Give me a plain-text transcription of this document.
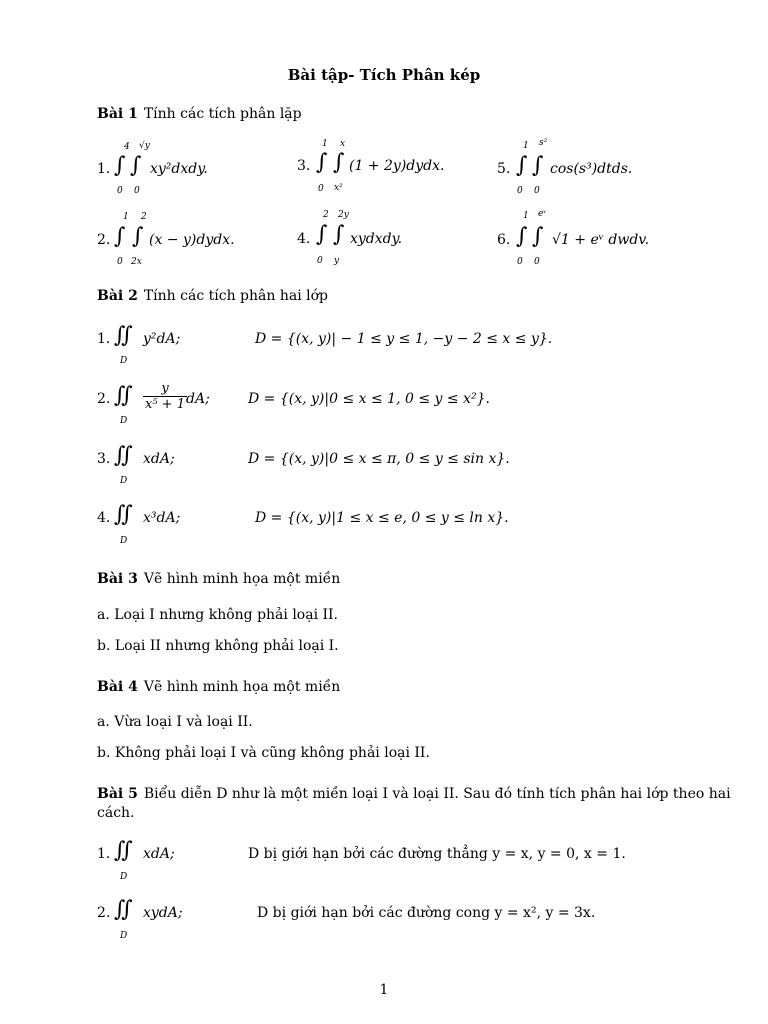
Bài tập- Tích Phân kép
Bài 1 Tính các tích phân lặp
1.
4 √y
∫ ∫
0 0
xy²dxdy.	3.
1 x
∫ ∫
0 x²
(1 + 2y)dydx.	5.
1 s²
∫ ∫
0 0
cos(s³)dtds.
2.
1 2
∫ ∫
0 2x
(x − y)dydx.	4.
2 2y
∫ ∫
0 y
xydxdy.	6.
1 eᵛ
∫ ∫
0 0
√1 + eᵛ dwdv.
Bài 2 Tính các tích phân hai lớp
1. ∬
D
y²dA;	D = {(x, y)| − 1 ≤ y ≤ 1, −y − 2 ≤ x ≤ y}.
2. ∬
D
$\frac{y}{\text{x⁵ + 1}}$ dA;	D = {(x, y)|0 ≤ x ≤ 1, 0 ≤ y ≤ x²}.
3. ∬
D
xdA;	D = {(x, y)|0 ≤ x ≤ π, 0 ≤ y ≤ sin x}.
4. ∬
D
x³dA;	D = {(x, y)|1 ≤ x ≤ e, 0 ≤ y ≤ ln x}.
Bài 3 Vẽ hình minh họa một miền
a. Loại I nhưng không phải loại II.
b. Loại II nhưng không phải loại I.
Bài 4 Vẽ hình minh họa một miền
a. Vừa loại I và loại II.
b. Không phải loại I và cũng không phải loại II.
Bài 5 Biểu diễn D như là một miền loại I và loại II. Sau đó tính tích phân hai lớp theo hai
cách.
1. ∬
D
xdA;	D bị giới hạn bởi các đường thẳng y = x, y = 0, x = 1.
2. ∬
D
xydA;	D bị giới hạn bởi các đường cong y = x², y = 3x.
1
